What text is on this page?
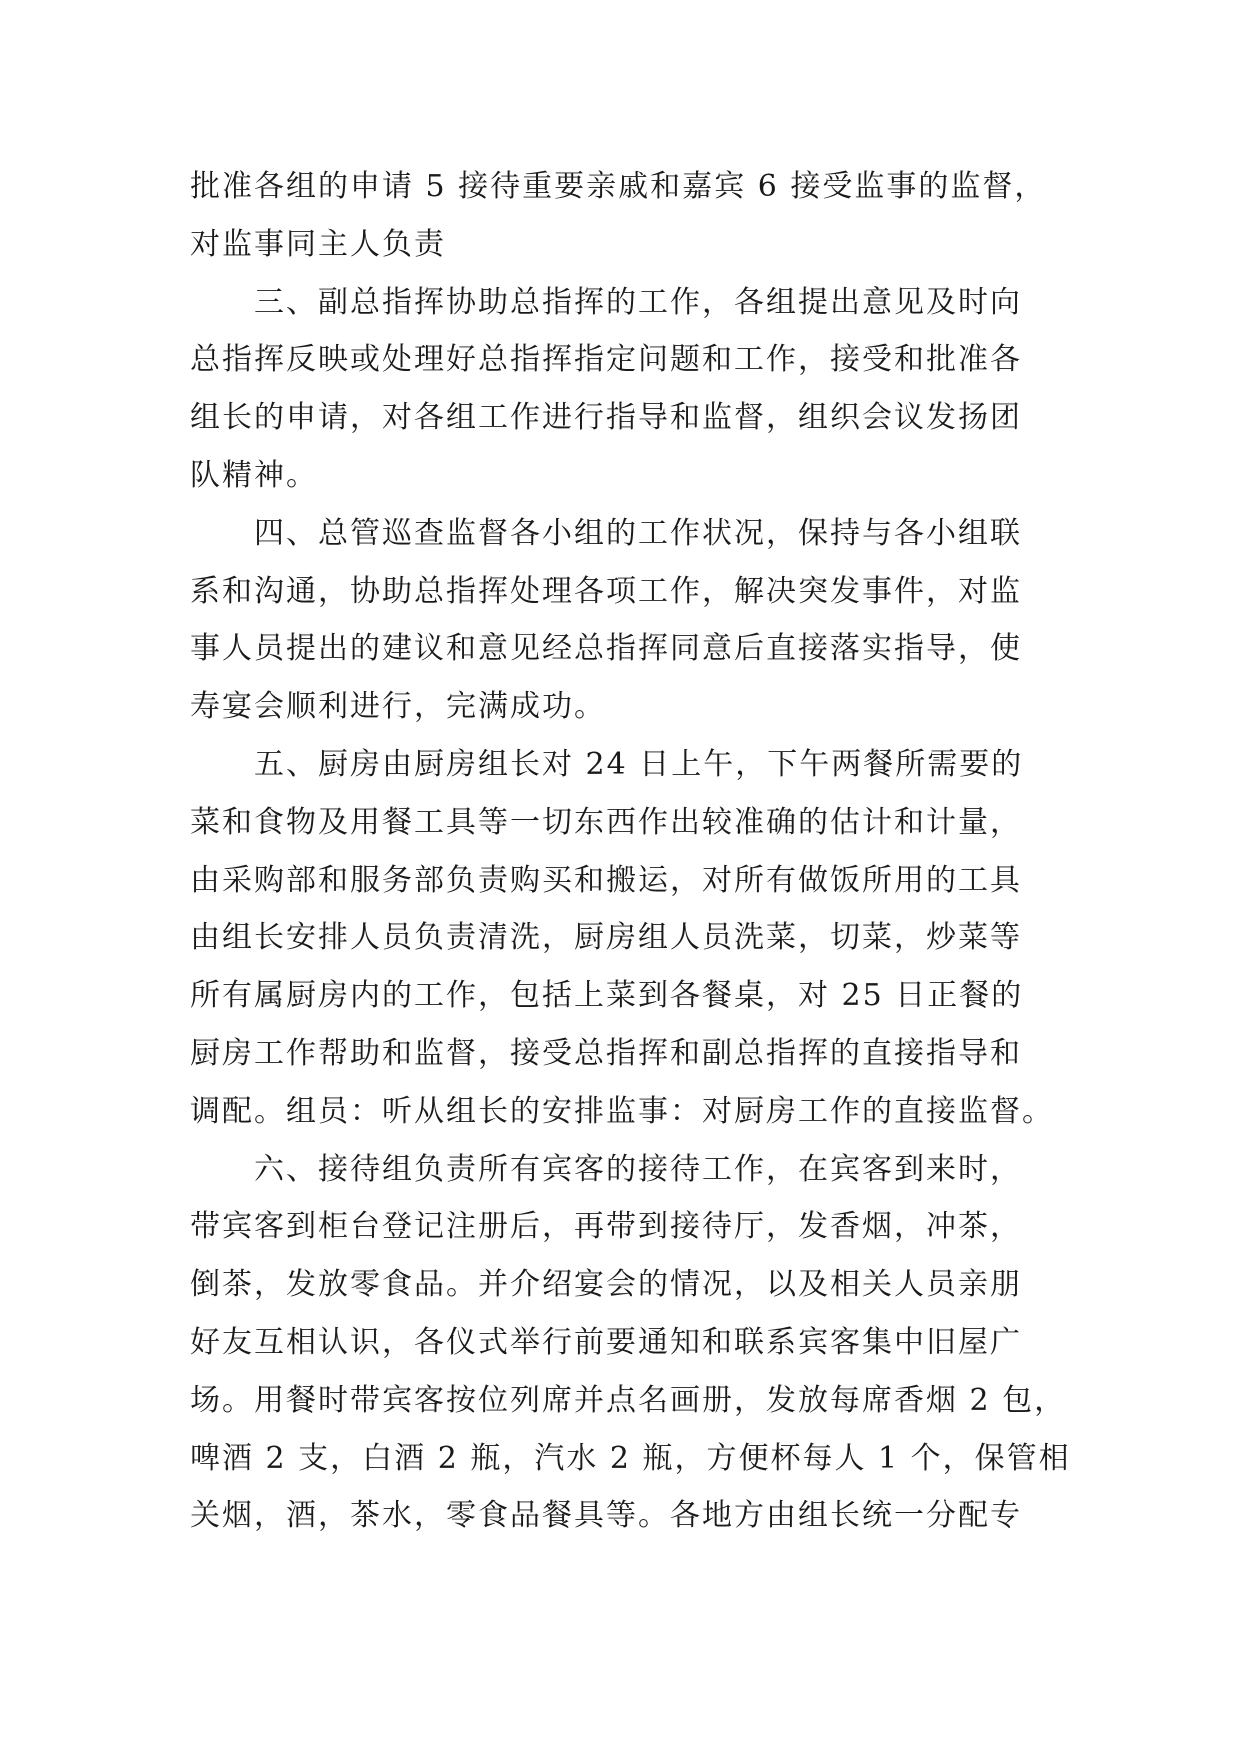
批准各组的申请 5 接待重要亲戚和嘉宾 6 接受监事的监督，
对监事同主人负责
三、副总指挥协助总指挥的工作，各组提出意见及时向
总指挥反映或处理好总指挥指定问题和工作，接受和批准各
组长的申请，对各组工作进行指导和监督，组织会议发扬团
队精神。
四、总管巡查监督各小组的工作状况，保持与各小组联
系和沟通，协助总指挥处理各项工作，解决突发事件，对监
事人员提出的建议和意见经总指挥同意后直接落实指导，使
寿宴会顺利进行，完满成功。
五、厨房由厨房组长对 24 日上午，下午两餐所需要的
菜和食物及用餐工具等一切东西作出较准确的估计和计量，
由采购部和服务部负责购买和搬运，对所有做饭所用的工具
由组长安排人员负责清洗，厨房组人员洗菜，切菜，炒菜等
所有属厨房内的工作，包括上菜到各餐桌，对 25 日正餐的
厨房工作帮助和监督，接受总指挥和副总指挥的直接指导和
调配。组员：听从组长的安排监事：对厨房工作的直接监督。
六、接待组负责所有宾客的接待工作，在宾客到来时，
带宾客到柜台登记注册后，再带到接待厅，发香烟，冲茶，
倒茶，发放零食品。并介绍宴会的情况，以及相关人员亲朋
好友互相认识，各仪式举行前要通知和联系宾客集中旧屋广
场。用餐时带宾客按位列席并点名画册，发放每席香烟 2 包，
啤酒 2 支，白酒 2 瓶，汽水 2 瓶，方便杯每人 1 个，保管相
关烟，酒，茶水，零食品餐具等。各地方由组长统一分配专
